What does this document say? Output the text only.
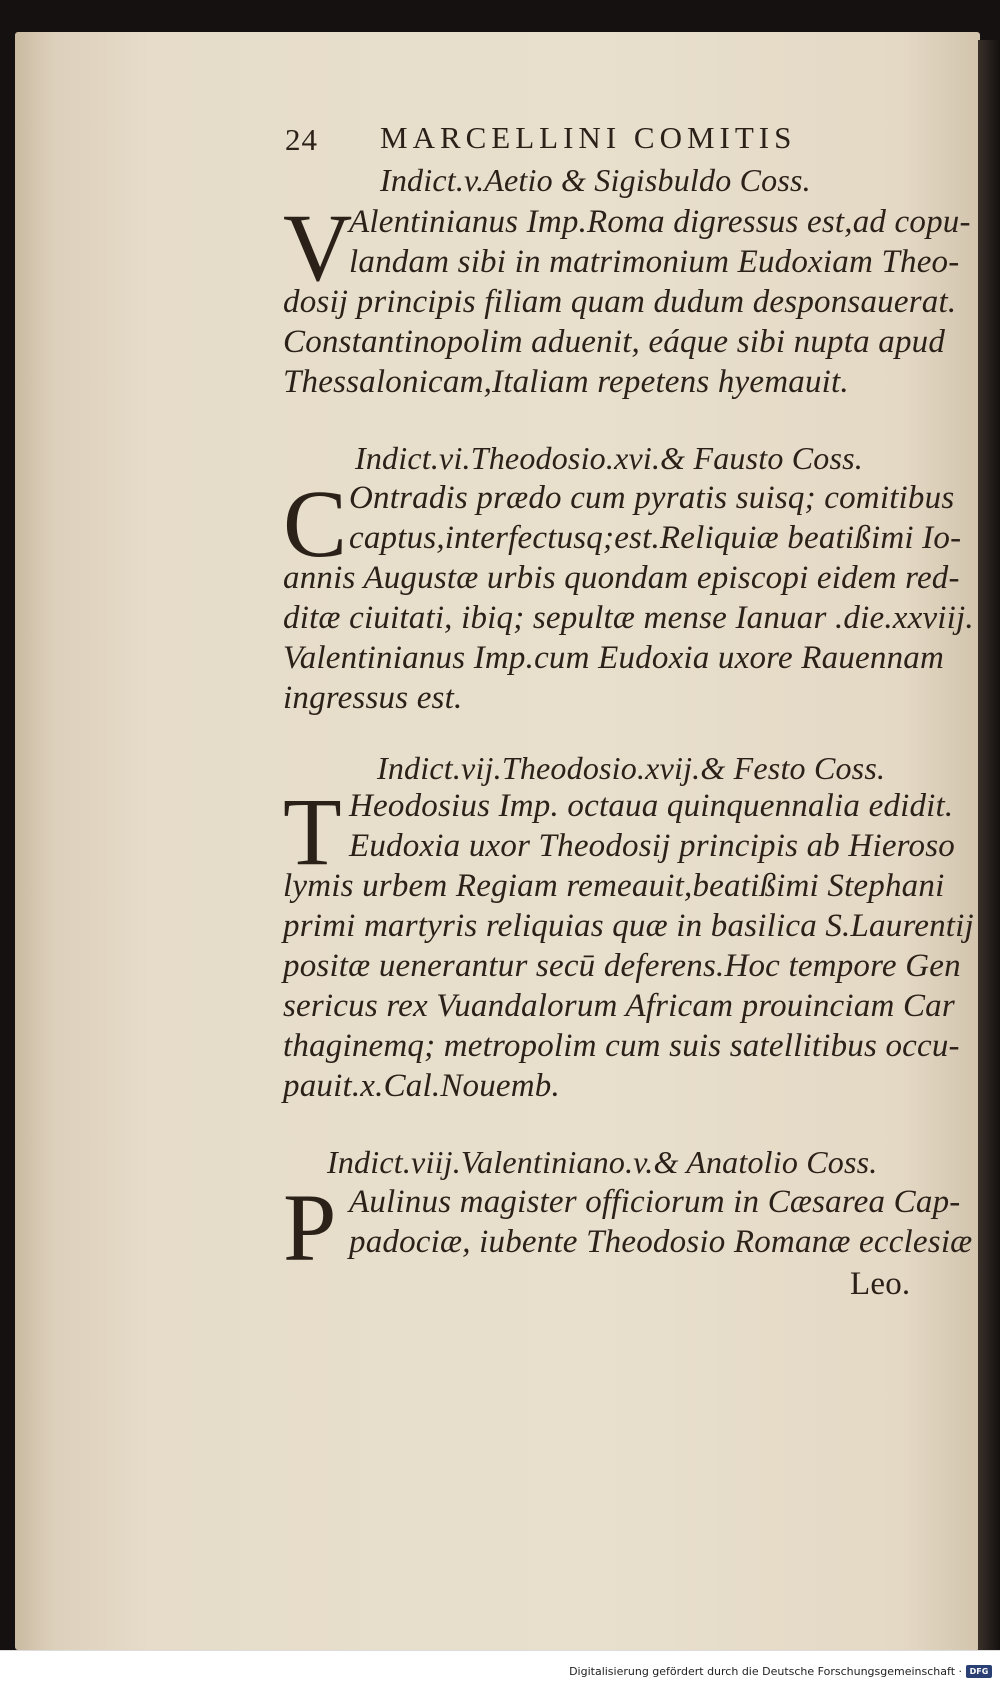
24 MARCELLINI COMITIS
Indict.v.Aetio & Sigisbuldo Coss.
V
Alentinianus Imp.Roma digressus est,ad copu-
landam sibi in matrimonium Eudoxiam Theo-
dosij principis filiam quam dudum desponsauerat.
Constantinopolim aduenit, eáque sibi nupta apud
Thessalonicam,Italiam repetens hyemauit.
Indict.vi.Theodosio.xvi.& Fausto Coss.
C Ontradis prædo cum pyratis suisq; comitibus
captus,interfectusq;est.Reliquiæ beatißimi Io-
annis Augustæ urbis quondam episcopi eidem red-
ditæ ciuitati, ibiq; sepultæ mense Ianuar .die.xxviij.
Valentinianus Imp.cum Eudoxia uxore Rauennam
ingressus est.
Indict.vij.Theodosio.xvij.& Festo Coss.
T Heodosius Imp. octaua quinquennalia edidit.
Eudoxia uxor Theodosij principis ab Hieroso
lymis urbem Regiam remeauit,beatißimi Stephani
primi martyris reliquias quæ in basilica S.Laurentij
positæ uenerantur secū deferens.Hoc tempore Gen
sericus rex Vuandalorum Africam prouinciam Car
thaginemq; metropolim cum suis satellitibus occu-
pauit.x.Cal.Nouemb.
Indict.viij.Valentiniano.v.& Anatolio Coss.
P Aulinus magister officiorum in Cæsarea Cap-
padociæ, iubente Theodosio Romanæ ecclesiæ
Leo.
Digitalisierung gefördert durch die Deutsche Forschungsgemeinschaft · DFG
